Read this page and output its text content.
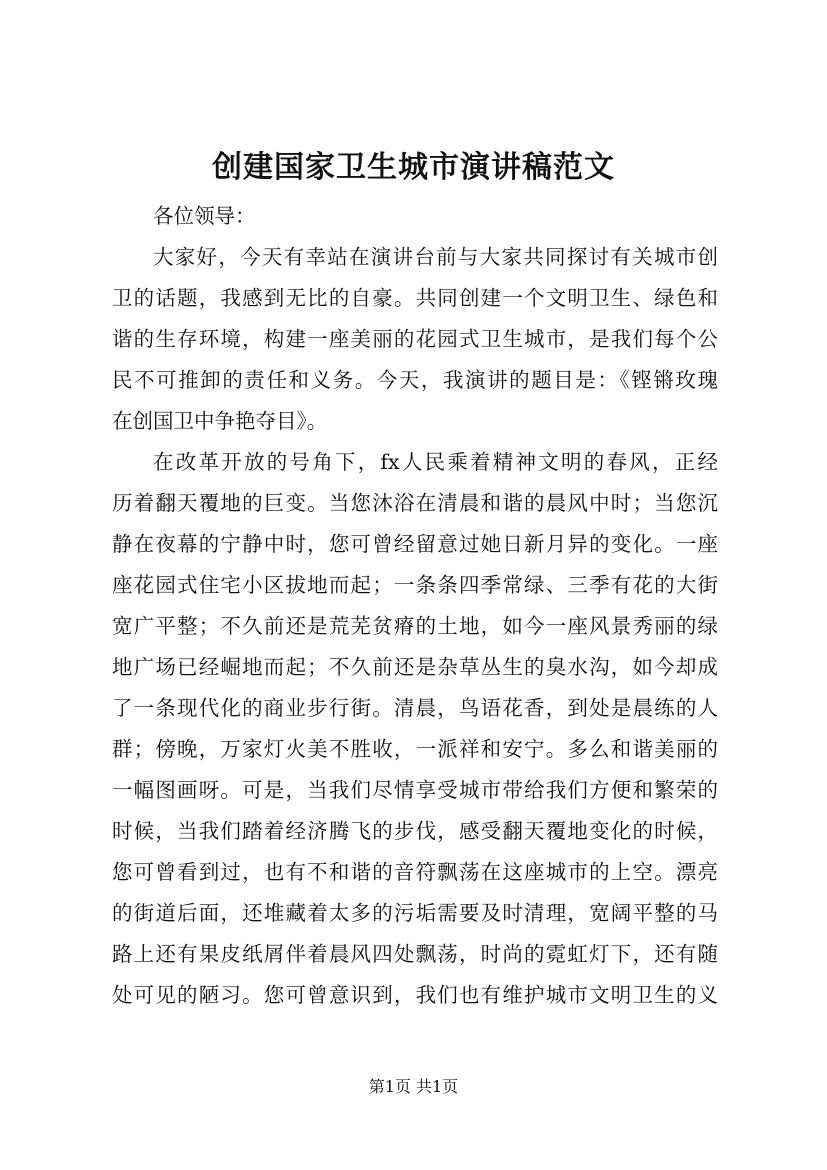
创建国家卫生城市演讲稿范文
各位领导：
大家好，今天有幸站在演讲台前与大家共同探讨有关城市创
卫的话题，我感到无比的自豪。共同创建一个文明卫生、绿色和
谐的生存环境，构建一座美丽的花园式卫生城市，是我们每个公
民不可推卸的责任和义务。今天，我演讲的题目是：《铿锵玫瑰
在创国卫中争艳夺目》。
在改革开放的号角下，fx人民乘着精神文明的春风，正经
历着翻天覆地的巨变。当您沐浴在清晨和谐的晨风中时；当您沉
静在夜幕的宁静中时，您可曾经留意过她日新月异的变化。一座
座花园式住宅小区拔地而起；一条条四季常绿、三季有花的大街
宽广平整；不久前还是荒芜贫瘠的土地，如今一座风景秀丽的绿
地广场已经崛地而起；不久前还是杂草丛生的臭水沟，如今却成
了一条现代化的商业步行街。清晨，鸟语花香，到处是晨练的人
群；傍晚，万家灯火美不胜收，一派祥和安宁。多么和谐美丽的
一幅图画呀。可是，当我们尽情享受城市带给我们方便和繁荣的
时候，当我们踏着经济腾飞的步伐，感受翻天覆地变化的时候，
您可曾看到过，也有不和谐的音符飘荡在这座城市的上空。漂亮
的街道后面，还堆藏着太多的污垢需要及时清理，宽阔平整的马
路上还有果皮纸屑伴着晨风四处飘荡，时尚的霓虹灯下，还有随
处可见的陋习。您可曾意识到，我们也有维护城市文明卫生的义
第1页 共1页
